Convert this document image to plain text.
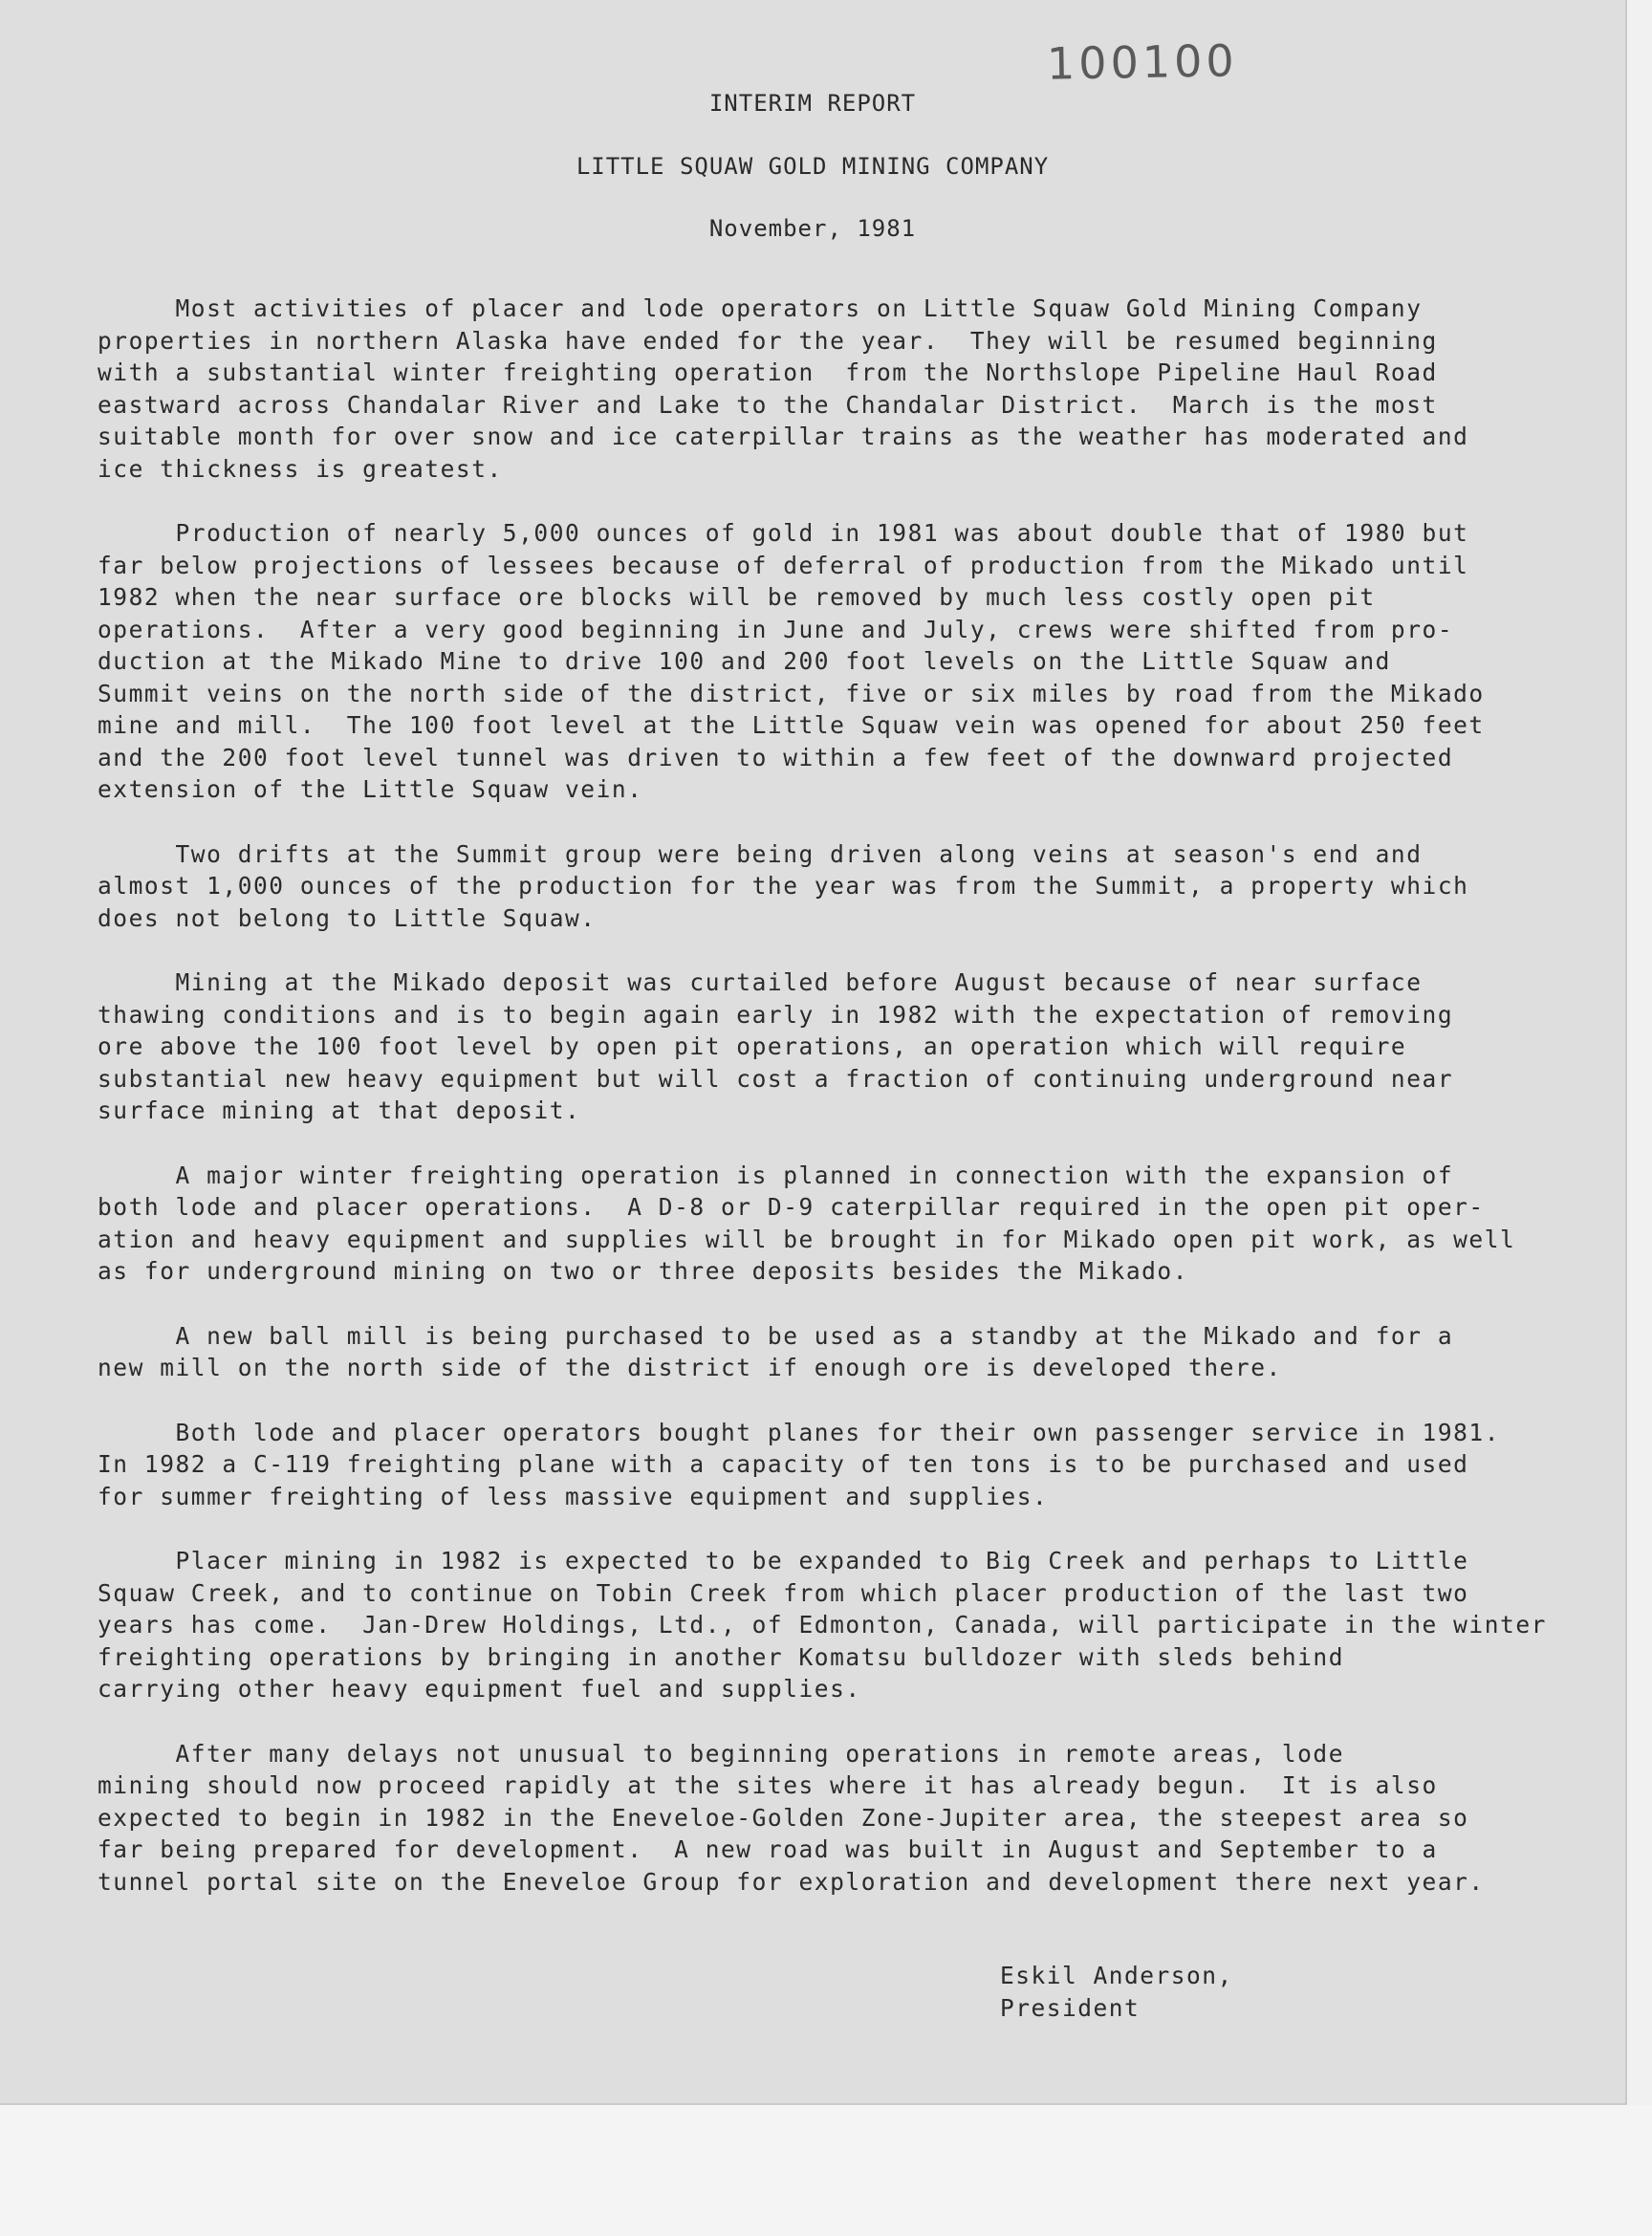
100100
INTERIM REPORT
LITTLE SQUAW GOLD MINING COMPANY
November, 1981

Most activities of placer and lode operators on Little Squaw Gold Mining Company
properties in northern Alaska have ended for the year.  They will be resumed beginning
with a substantial winter freighting operation  from the Northslope Pipeline Haul Road
eastward across Chandalar River and Lake to the Chandalar District.  March is the most
suitable month for over snow and ice caterpillar trains as the weather has moderated and
ice thickness is greatest.

Production of nearly 5,000 ounces of gold in 1981 was about double that of 1980 but
far below projections of lessees because of deferral of production from the Mikado until
1982 when the near surface ore blocks will be removed by much less costly open pit
operations.  After a very good beginning in June and July, crews were shifted from pro-
duction at the Mikado Mine to drive 100 and 200 foot levels on the Little Squaw and
Summit veins on the north side of the district, five or six miles by road from the Mikado
mine and mill.  The 100 foot level at the Little Squaw vein was opened for about 250 feet
and the 200 foot level tunnel was driven to within a few feet of the downward projected
extension of the Little Squaw vein.

Two drifts at the Summit group were being driven along veins at season's end and
almost 1,000 ounces of the production for the year was from the Summit, a property which
does not belong to Little Squaw.

Mining at the Mikado deposit was curtailed before August because of near surface
thawing conditions and is to begin again early in 1982 with the expectation of removing
ore above the 100 foot level by open pit operations, an operation which will require
substantial new heavy equipment but will cost a fraction of continuing underground near
surface mining at that deposit.

A major winter freighting operation is planned in connection with the expansion of
both lode and placer operations.  A D-8 or D-9 caterpillar required in the open pit oper-
ation and heavy equipment and supplies will be brought in for Mikado open pit work, as well
as for underground mining on two or three deposits besides the Mikado.

A new ball mill is being purchased to be used as a standby at the Mikado and for a
new mill on the north side of the district if enough ore is developed there.

Both lode and placer operators bought planes for their own passenger service in 1981.
In 1982 a C-119 freighting plane with a capacity of ten tons is to be purchased and used
for summer freighting of less massive equipment and supplies.

Placer mining in 1982 is expected to be expanded to Big Creek and perhaps to Little
Squaw Creek, and to continue on Tobin Creek from which placer production of the last two
years has come.  Jan-Drew Holdings, Ltd., of Edmonton, Canada, will participate in the winter
freighting operations by bringing in another Komatsu bulldozer with sleds behind
carrying other heavy equipment fuel and supplies.

After many delays not unusual to beginning operations in remote areas, lode
mining should now proceed rapidly at the sites where it has already begun.  It is also
expected to begin in 1982 in the Eneveloe-Golden Zone-Jupiter area, the steepest area so
far being prepared for development.  A new road was built in August and September to a
tunnel portal site on the Eneveloe Group for exploration and development there next year.

Eskil Anderson,
President
